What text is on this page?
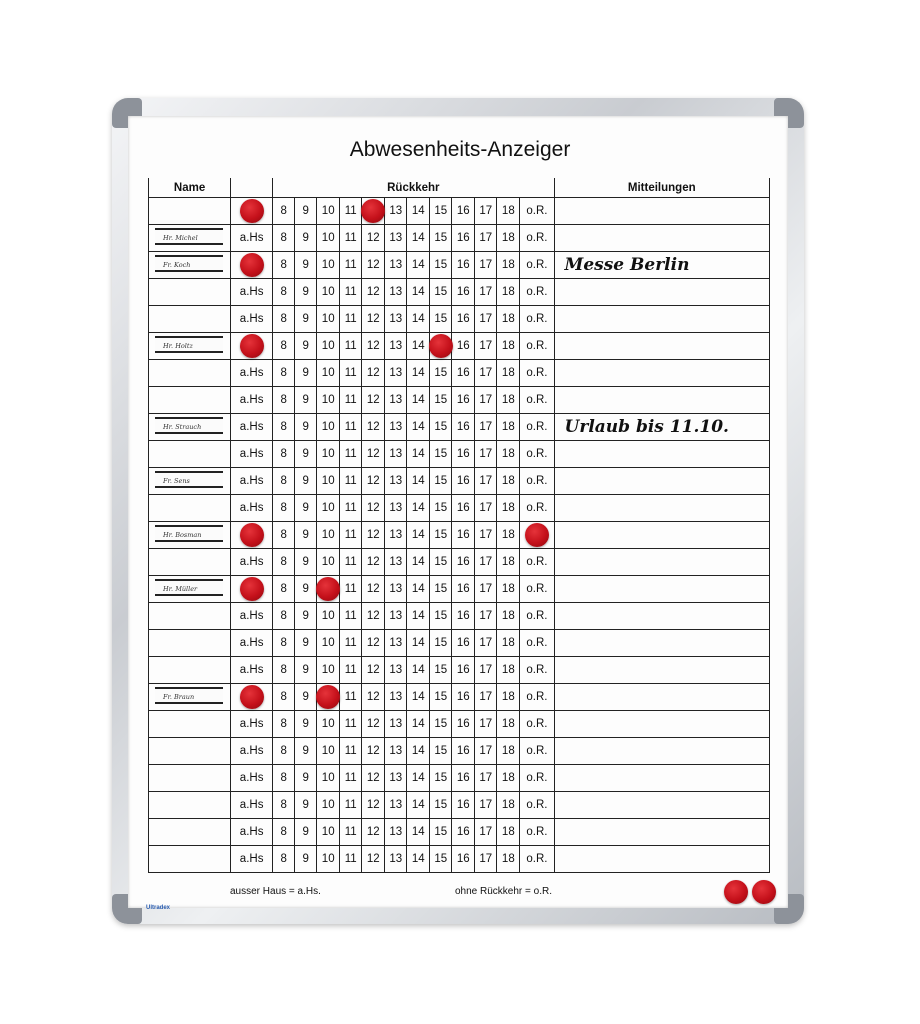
Abwesenheits-Anzeiger
Name		Rückkehr												Mitteilungen

	8	9	10	11		13	14	15	16	17	18	o.R.	

Hr. Michel	a.Hs	8	9	10	11	12	13	14	15	16	17	18	o.R.	

Fr. Koch		8	9	10	11	12	13	14	15	16	17	18	o.R.	Messe Berlin
	a.Hs	8	9	10	11	12	13	14	15	16	17	18	o.R.	
	a.Hs	8	9	10	11	12	13	14	15	16	17	18	o.R.	

Hr. Holtz		8	9	10	11	12	13	14		16	17	18	o.R.	
	a.Hs	8	9	10	11	12	13	14	15	16	17	18	o.R.	
	a.Hs	8	9	10	11	12	13	14	15	16	17	18	o.R.	

Hr. Strauch	a.Hs	8	9	10	11	12	13	14	15	16	17	18	o.R.	Urlaub bis 11.10.
	a.Hs	8	9	10	11	12	13	14	15	16	17	18	o.R.	

Fr. Sens	a.Hs	8	9	10	11	12	13	14	15	16	17	18	o.R.	
	a.Hs	8	9	10	11	12	13	14	15	16	17	18	o.R.	

Hr. Bosman		8	9	10	11	12	13	14	15	16	17	18	

	a.Hs	8	9	10	11	12	13	14	15	16	17	18	o.R.	

Hr. Müller		8	9		11	12	13	14	15	16	17	18	o.R.	
	a.Hs	8	9	10	11	12	13	14	15	16	17	18	o.R.	
	a.Hs	8	9	10	11	12	13	14	15	16	17	18	o.R.	
	a.Hs	8	9	10	11	12	13	14	15	16	17	18	o.R.	

Fr. Braun		8	9		11	12	13	14	15	16	17	18	o.R.	
	a.Hs	8	9	10	11	12	13	14	15	16	17	18	o.R.	
	a.Hs	8	9	10	11	12	13	14	15	16	17	18	o.R.	
	a.Hs	8	9	10	11	12	13	14	15	16	17	18	o.R.	
	a.Hs	8	9	10	11	12	13	14	15	16	17	18	o.R.	
	a.Hs	8	9	10	11	12	13	14	15	16	17	18	o.R.	
	a.Hs	8	9	10	11	12	13	14	15	16	17	18	o.R.	
ausser Haus = a.Hs.	ohne Rückkehr = o.R.
Ultradex
